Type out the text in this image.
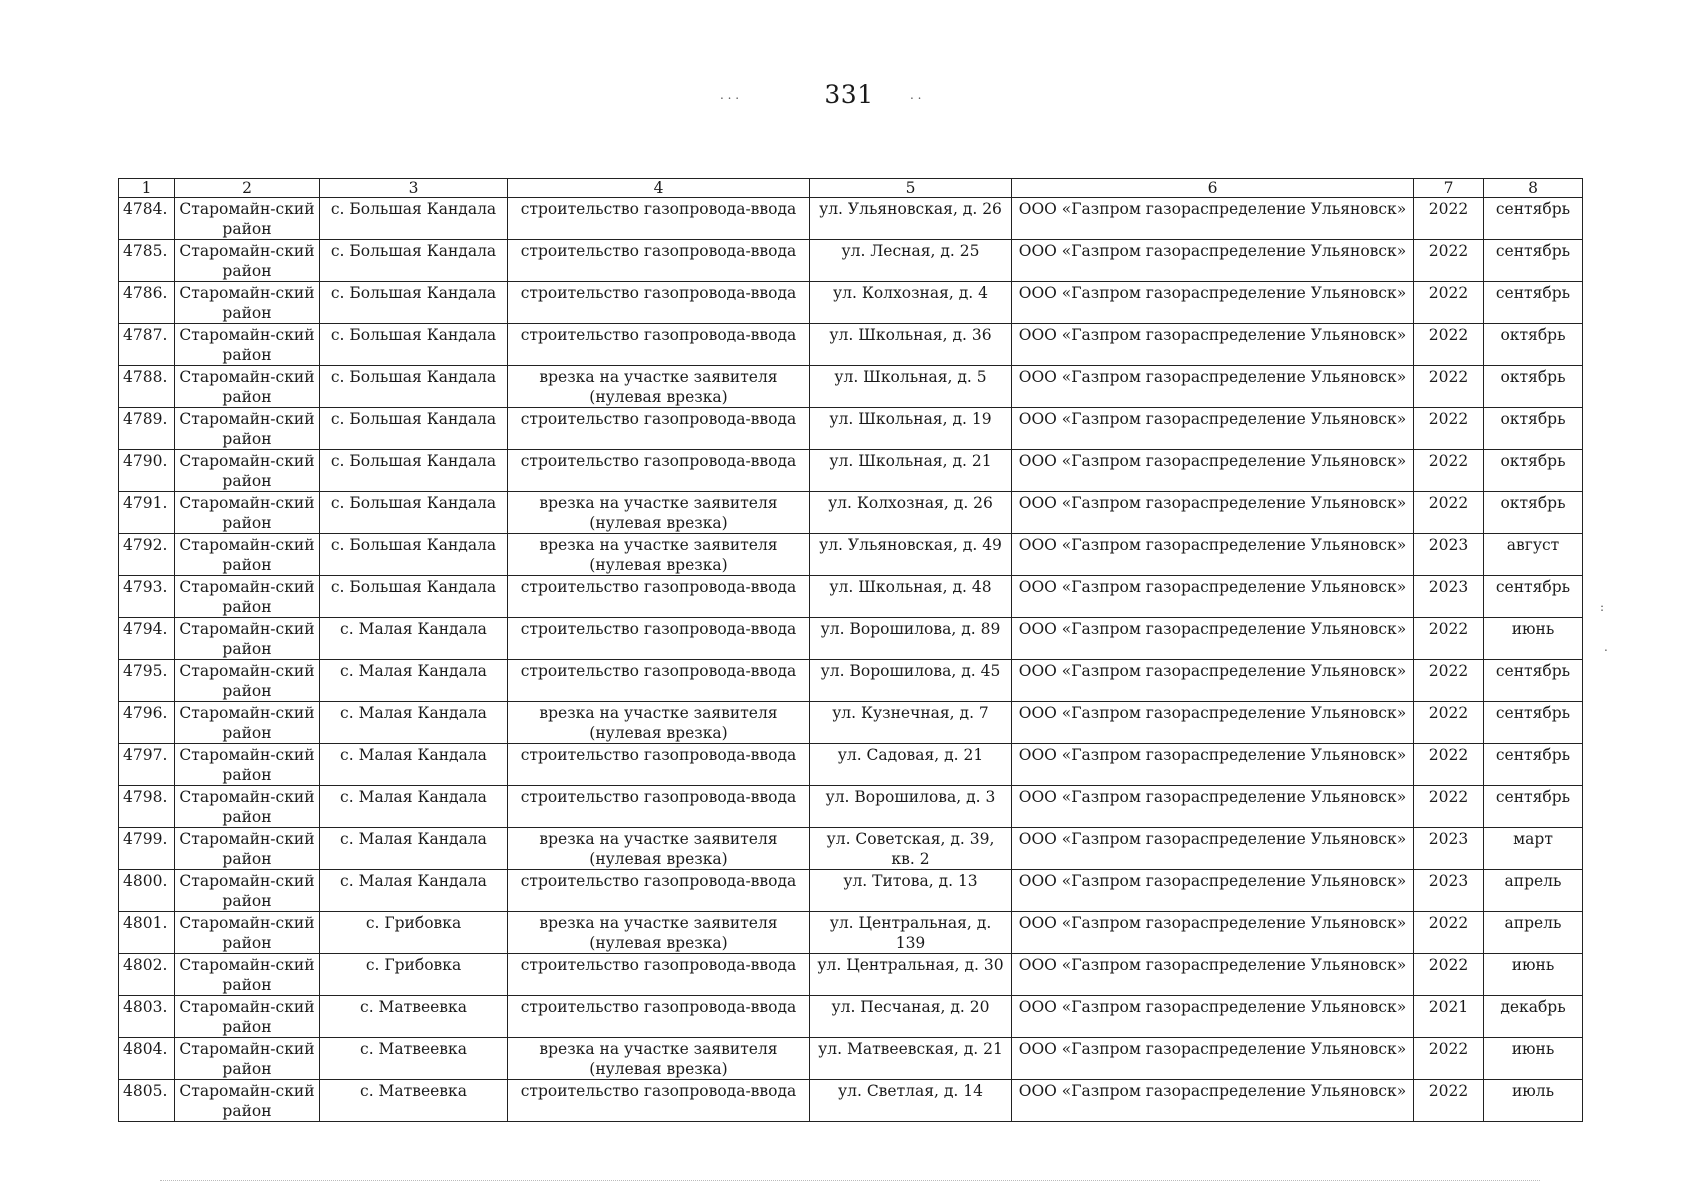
331
. . .	. .
:
.
1	2	3	4	5	6	7	8
4784.	Старомайн-ский район	с. Большая Кандала	строительство газопровода-ввода	ул. Ульяновская, д. 26	ООО «Газпром газораспределение Ульяновск»	2022	сентябрь
4785.	Старомайн-ский район	с. Большая Кандала	строительство газопровода-ввода	ул. Лесная, д. 25	ООО «Газпром газораспределение Ульяновск»	2022	сентябрь
4786.	Старомайн-ский район	с. Большая Кандала	строительство газопровода-ввода	ул. Колхозная, д. 4	ООО «Газпром газораспределение Ульяновск»	2022	сентябрь
4787.	Старомайн-ский район	с. Большая Кандала	строительство газопровода-ввода	ул. Школьная, д. 36	ООО «Газпром газораспределение Ульяновск»	2022	октябрь
4788.	Старомайн-ский район	с. Большая Кандала	врезка на участке заявителя (нулевая врезка)	ул. Школьная, д. 5	ООО «Газпром газораспределение Ульяновск»	2022	октябрь
4789.	Старомайн-ский район	с. Большая Кандала	строительство газопровода-ввода	ул. Школьная, д. 19	ООО «Газпром газораспределение Ульяновск»	2022	октябрь
4790.	Старомайн-ский район	с. Большая Кандала	строительство газопровода-ввода	ул. Школьная, д. 21	ООО «Газпром газораспределение Ульяновск»	2022	октябрь
4791.	Старомайн-ский район	с. Большая Кандала	врезка на участке заявителя (нулевая врезка)	ул. Колхозная, д. 26	ООО «Газпром газораспределение Ульяновск»	2022	октябрь
4792.	Старомайн-ский район	с. Большая Кандала	врезка на участке заявителя (нулевая врезка)	ул. Ульяновская, д. 49	ООО «Газпром газораспределение Ульяновск»	2023	август
4793.	Старомайн-ский район	с. Большая Кандала	строительство газопровода-ввода	ул. Школьная, д. 48	ООО «Газпром газораспределение Ульяновск»	2023	сентябрь
4794.	Старомайн-ский район	с. Малая Кандала	строительство газопровода-ввода	ул. Ворошилова, д. 89	ООО «Газпром газораспределение Ульяновск»	2022	июнь
4795.	Старомайн-ский район	с. Малая Кандала	строительство газопровода-ввода	ул. Ворошилова, д. 45	ООО «Газпром газораспределение Ульяновск»	2022	сентябрь
4796.	Старомайн-ский район	с. Малая Кандала	врезка на участке заявителя (нулевая врезка)	ул. Кузнечная, д. 7	ООО «Газпром газораспределение Ульяновск»	2022	сентябрь
4797.	Старомайн-ский район	с. Малая Кандала	строительство газопровода-ввода	ул. Садовая, д. 21	ООО «Газпром газораспределение Ульяновск»	2022	сентябрь
4798.	Старомайн-ский район	с. Малая Кандала	строительство газопровода-ввода	ул. Ворошилова, д. 3	ООО «Газпром газораспределение Ульяновск»	2022	сентябрь
4799.	Старомайн-ский район	с. Малая Кандала	врезка на участке заявителя (нулевая врезка)	ул. Советская, д. 39, кв. 2	ООО «Газпром газораспределение Ульяновск»	2023	март
4800.	Старомайн-ский район	с. Малая Кандала	строительство газопровода-ввода	ул. Титова, д. 13	ООО «Газпром газораспределение Ульяновск»	2023	апрель
4801.	Старомайн-ский район	с. Грибовка	врезка на участке заявителя (нулевая врезка)	ул. Центральная, д. 139	ООО «Газпром газораспределение Ульяновск»	2022	апрель
4802.	Старомайн-ский район	с. Грибовка	строительство газопровода-ввода	ул. Центральная, д. 30	ООО «Газпром газораспределение Ульяновск»	2022	июнь
4803.	Старомайн-ский район	с. Матвеевка	строительство газопровода-ввода	ул. Песчаная, д. 20	ООО «Газпром газораспределение Ульяновск»	2021	декабрь
4804.	Старомайн-ский район	с. Матвеевка	врезка на участке заявителя (нулевая врезка)	ул. Матвеевская, д. 21	ООО «Газпром газораспределение Ульяновск»	2022	июнь
4805.	Старомайн-ский район	с. Матвеевка	строительство газопровода-ввода	ул. Светлая, д. 14	ООО «Газпром газораспределение Ульяновск»	2022	июль
